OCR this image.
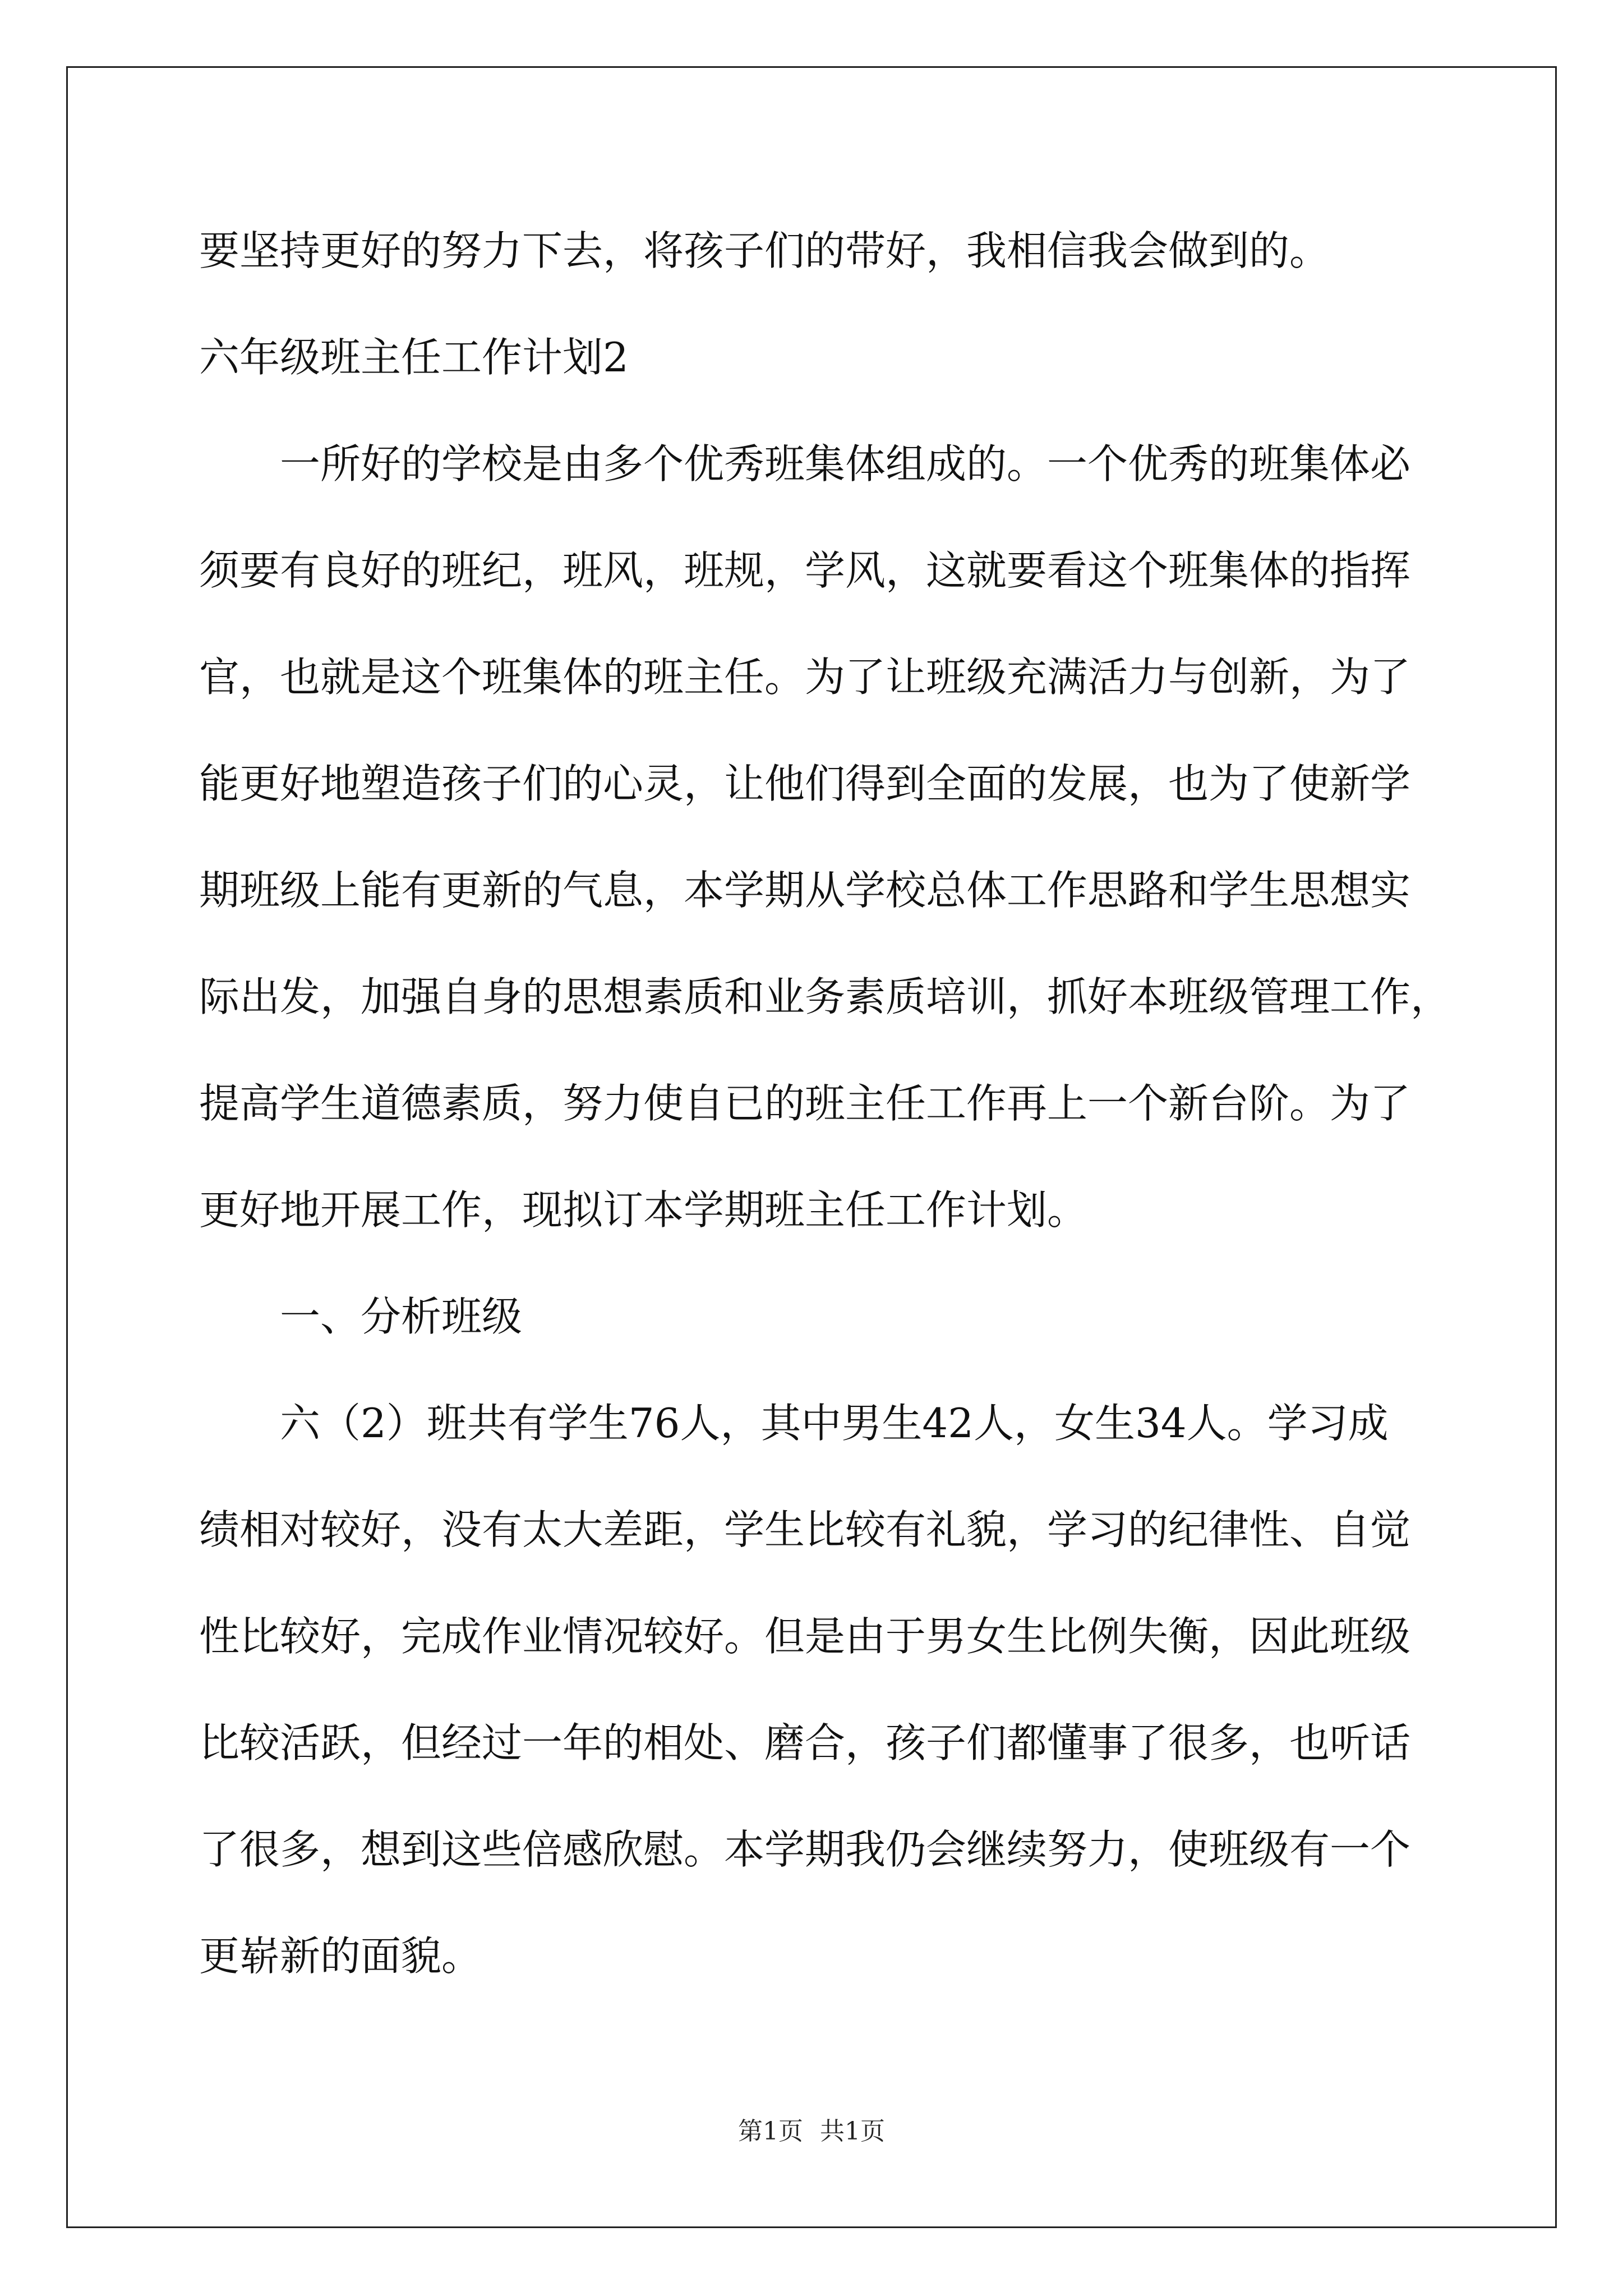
要坚持更好的努力下去，将孩子们的带好，我相信我会做到的。
六年级班主任工作计划2
一所好的学校是由多个优秀班集体组成的。一个优秀的班集体必
须要有良好的班纪，班风，班规，学风，这就要看这个班集体的指挥
官，也就是这个班集体的班主任。为了让班级充满活力与创新，为了
能更好地塑造孩子们的心灵，让他们得到全面的发展，也为了使新学
期班级上能有更新的气息，本学期从学校总体工作思路和学生思想实
际出发，加强自身的思想素质和业务素质培训，抓好本班级管理工作，
提高学生道德素质，努力使自已的班主任工作再上一个新台阶。为了
更好地开展工作，现拟订本学期班主任工作计划。
一、分析班级
六（2）班共有学生76人，其中男生42人，女生34人。学习成
绩相对较好，没有太大差距，学生比较有礼貌，学习的纪律性、自觉
性比较好，完成作业情况较好。但是由于男女生比例失衡，因此班级
比较活跃，但经过一年的相处、磨合，孩子们都懂事了很多，也听话
了很多，想到这些倍感欣慰。本学期我仍会继续努力，使班级有一个
更崭新的面貌。
第1页 共1页
